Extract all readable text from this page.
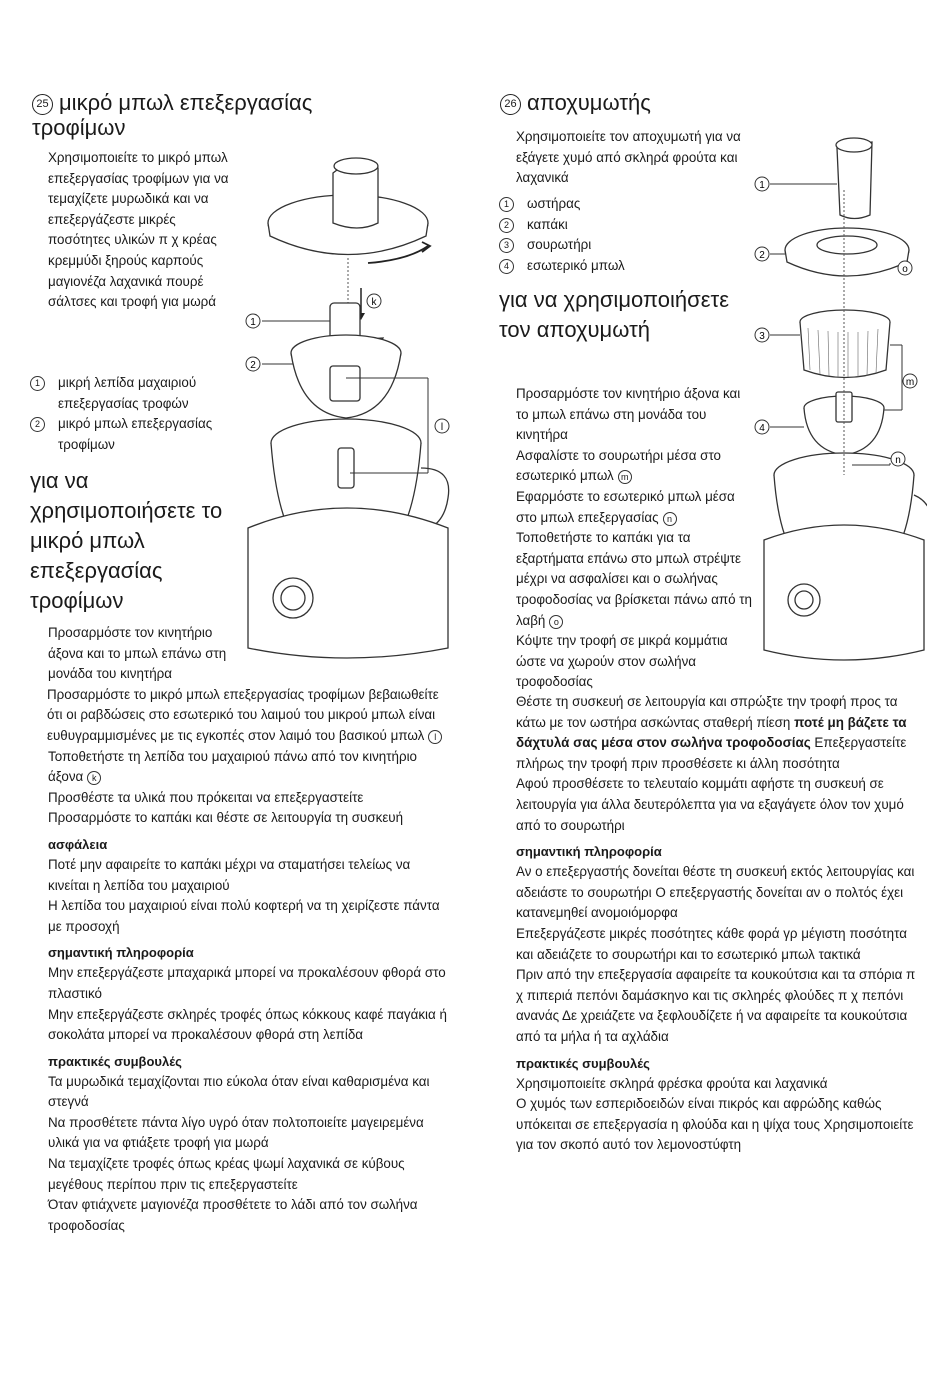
25 μικρό μπωλ επεξεργασίας τροφίμων

Χρησιμοποιείτε το μικρό μπωλ επεξεργασίας τροφίμων για να τεμαχίζετε μυρωδικά και να επεξεργάζεστε μικρές ποσότητες υλικών π χ κρέας κρεμμύδι ξηρούς καρπούς μαγιονέζα λαχανικά πουρέ σάλτσες και τροφή για μωρά

1	μικρή λεπίδα μαχαιριού επεξεργασίας τροφών
2	μικρό μπωλ επεξεργασίας τροφίμων
για να χρησιμοποιήσετε το μικρό μπωλ επεξεργασίας τροφίμων

Προσαρμόστε τον κινητήριο άξονα και το μπωλ επάνω στη μονάδα του κινητήρα

Προσαρμόστε το μικρό μπωλ επεξεργασίας τροφίμων βεβαιωθείτε ότι οι ραβδώσεις στο εσωτερικό του λαιμού του μικρού μπωλ είναι ευθυγραμμισμένες με τις εγκοπές στον λαιμό του βασικού μπωλ l

Τοποθετήστε τη λεπίδα του μαχαιριού πάνω από τον κινητήριο άξονα k

Προσθέστε τα υλικά που πρόκειται να επεξεργαστείτε

Προσαρμόστε το καπάκι και θέστε σε λειτουργία τη συσκευή

ασφάλεια

Ποτέ μην αφαιρείτε το καπάκι μέχρι να σταματήσει τελείως να κινείται η λεπίδα του μαχαιριού

Η λεπίδα του μαχαιριού είναι πολύ κοφτερή να τη χειρίζεστε πάντα με προσοχή

σημαντική πληροφορία

Μην επεξεργάζεστε μπαχαρικά μπορεί να προκαλέσουν φθορά στο πλαστικό

Μην επεξεργάζεστε σκληρές τροφές όπως κόκκους καφέ παγάκια ή σοκολάτα μπορεί να προκαλέσουν φθορά στη λεπίδα

πρακτικές συμβουλές

Τα μυρωδικά τεμαχίζονται πιο εύκολα όταν είναι καθαρισμένα και στεγνά

Να προσθέτετε πάντα λίγο υγρό όταν πολτοποιείτε μαγειρεμένα υλικά για να φτιάξετε τροφή για μωρά

Να τεμαχίζετε τροφές όπως κρέας ψωμί λαχανικά σε κύβους μεγέθους περίπου πριν τις επεξεργαστείτε

Όταν φτιάχνετε μαγιονέζα προσθέτετε το λάδι από τον σωλήνα τροφοδοσίας

1
2
k
l
26 αποχυμωτής

Χρησιμοποιείτε τον αποχυμωτή για να εξάγετε χυμό από σκληρά φρούτα και λαχανικά

1	ωστήρας
2	καπάκι
3	σουρωτήρι
4	εσωτερικό μπωλ
για να χρησιμοποιήσετε τον αποχυμωτή

Προσαρμόστε τον κινητήριο άξονα και το μπωλ επάνω στη μονάδα του κινητήρα

Ασφαλίστε το σουρωτήρι μέσα στο εσωτερικό μπωλ m

Εφαρμόστε το εσωτερικό μπωλ μέσα στο μπωλ επεξεργασίας n

Τοποθετήστε το καπάκι για τα εξαρτήματα επάνω στο μπωλ στρέψτε μέχρι να ασφαλίσει και ο σωλήνας τροφοδοσίας να βρίσκεται πάνω από τη λαβή o

Κόψτε την τροφή σε μικρά κομμάτια ώστε να χωρούν στον σωλήνα τροφοδοσίας

Θέστε τη συσκευή σε λειτουργία και σπρώξτε την τροφή προς τα κάτω με τον ωστήρα ασκώντας σταθερή πίεση ποτέ μη βάζετε τα δάχτυλά σας μέσα στον σωλήνα τροφοδοσίας Επεξεργαστείτε πλήρως την τροφή πριν προσθέσετε κι άλλη ποσότητα

Αφού προσθέσετε το τελευταίο κομμάτι αφήστε τη συσκευή σε λειτουργία για άλλα δευτερόλεπτα για να εξαγάγετε όλον τον χυμό από το σουρωτήρι

σημαντική πληροφορία

Αν ο επεξεργαστής δονείται θέστε τη συσκευή εκτός λειτουργίας και αδειάστε το σουρωτήρι Ο επεξεργαστής δονείται αν ο πολτός έχει κατανεμηθεί ανομοιόμορφα

Επεξεργάζεστε μικρές ποσότητες κάθε φορά γρ μέγιστη ποσότητα και αδειάζετε το σουρωτήρι και το εσωτερικό μπωλ τακτικά

Πριν από την επεξεργασία αφαιρείτε τα κουκούτσια και τα σπόρια π χ πιπεριά πεπόνι δαμάσκηνο και τις σκληρές φλούδες π χ πεπόνι ανανάς Δε χρειάζετε να ξεφλουδίζετε ή να αφαιρείτε τα κουκούτσια από τα μήλα ή τα αχλάδια

πρακτικές συμβουλές

Χρησιμοποιείτε σκληρά φρέσκα φρούτα και λαχανικά

Ο χυμός των εσπεριδοειδών είναι πικρός και αφρώδης καθώς υπόκειται σε επεξεργασία η φλούδα και η ψίχα τους Χρησιμοποιείτε για τον σκοπό αυτό τον λεμονοστύφτη

1
2
3
4
m
n
o
